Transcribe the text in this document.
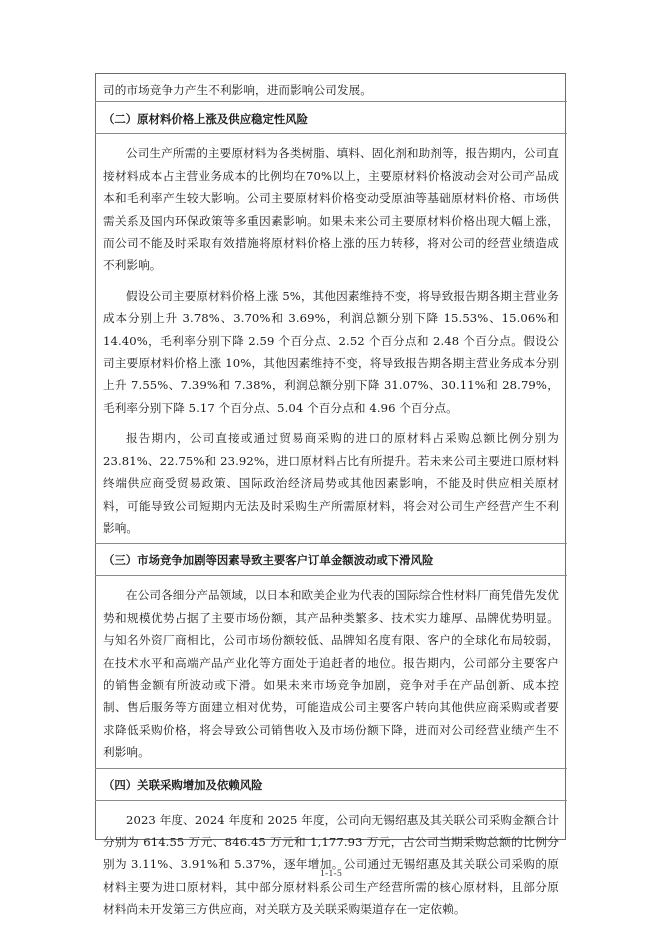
司的市场竞争力产生不利影响，进而影响公司发展。

（二）原材料价格上涨及供应稳定性风险

公司生产所需的主要原材料为各类树脂、填料、固化剂和助剂等，报告期内，公司直接材料成本占主营业务成本的比例均在70%以上，主要原材料价格波动会对公司产品成本和毛利率产生较大影响。公司主要原材料价格变动受原油等基础原材料价格、市场供需关系及国内环保政策等多重因素影响。如果未来公司主要原材料价格出现大幅上涨，而公司不能及时采取有效措施将原材料价格上涨的压力转移，将对公司的经营业绩造成不利影响。

假设公司主要原材料价格上涨 5%，其他因素维持不变，将导致报告期各期主营业务成本分别上升 3.78%、3.70%和 3.69%，利润总额分别下降 15.53%、15.06%和 14.40%，毛利率分别下降 2.59 个百分点、2.52 个百分点和 2.48 个百分点。假设公司主要原材料价格上涨 10%，其他因素维持不变，将导致报告期各期主营业务成本分别上升 7.55%、7.39%和 7.38%，利润总额分别下降 31.07%、30.11%和 28.79%，毛利率分别下降 5.17 个百分点、5.04 个百分点和 4.96 个百分点。

报告期内，公司直接或通过贸易商采购的进口的原材料占采购总额比例分别为 23.81%、22.75%和 23.92%，进口原材料占比有所提升。若未来公司主要进口原材料终端供应商受贸易政策、国际政治经济局势或其他因素影响，不能及时供应相关原材料，可能导致公司短期内无法及时采购生产所需原材料，将会对公司生产经营产生不利影响。

（三）市场竞争加剧等因素导致主要客户订单金额波动或下滑风险

在公司各细分产品领域，以日本和欧美企业为代表的国际综合性材料厂商凭借先发优势和规模优势占据了主要市场份额，其产品种类繁多、技术实力雄厚、品牌优势明显。与知名外资厂商相比，公司市场份额较低、品牌知名度有限、客户的全球化布局较弱，在技术水平和高端产品产业化等方面处于追赶者的地位。报告期内，公司部分主要客户的销售金额有所波动或下滑。如果未来市场竞争加剧，竞争对手在产品创新、成本控制、售后服务等方面建立相对优势，可能造成公司主要客户转向其他供应商采购或者要求降低采购价格，将会导致公司销售收入及市场份额下降，进而对公司经营业绩产生不利影响。

（四）关联采购增加及依赖风险

2023 年度、2024 年度和 2025 年度，公司向无锡绍惠及其关联公司采购金额合计分别为 614.55 万元、846.45 万元和 1,177.93 万元，占公司当期采购总额的比例分别为 3.11%、3.91%和 5.37%，逐年增加。公司通过无锡绍惠及其关联公司采购的原材料主要为进口原材料，其中部分原材料系公司生产经营所需的核心原材料，且部分原材料尚未开发第三方供应商，对关联方及关联采购渠道存在一定依赖。

1-1-5
